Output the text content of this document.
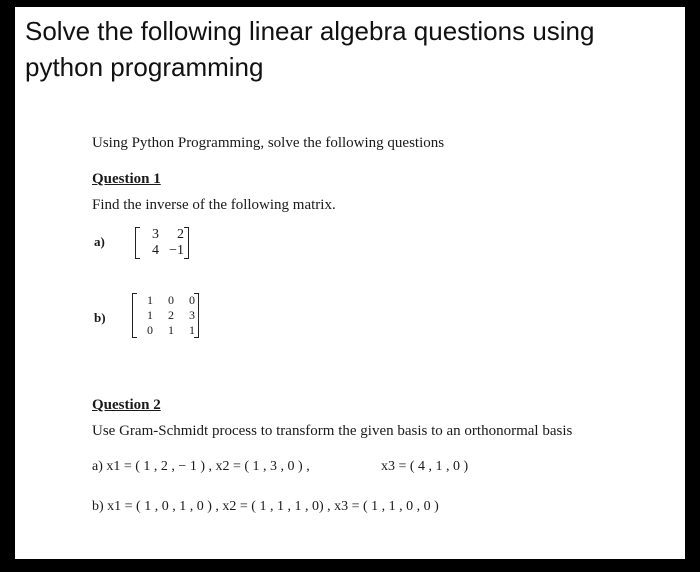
Solve the following linear algebra questions using python programming
Using Python Programming, solve the following questions
Question 1
Find the inverse of the following matrix.
a)	3	2
4	−1
b)
1	0	0
1	2	3
0	1	1
Question 2
Use Gram-Schmidt process to transform the given basis to an orthonormal basis
a) x1 = ( 1 , 2 , − 1 ) , x2 = ( 1 , 3 , 0 ) ,	x3 = ( 4 , 1 , 0 )
b) x1 = ( 1 , 0 , 1 , 0 ) , x2 = ( 1 , 1 , 1 , 0) , x3 = ( 1 , 1 , 0 , 0 )
